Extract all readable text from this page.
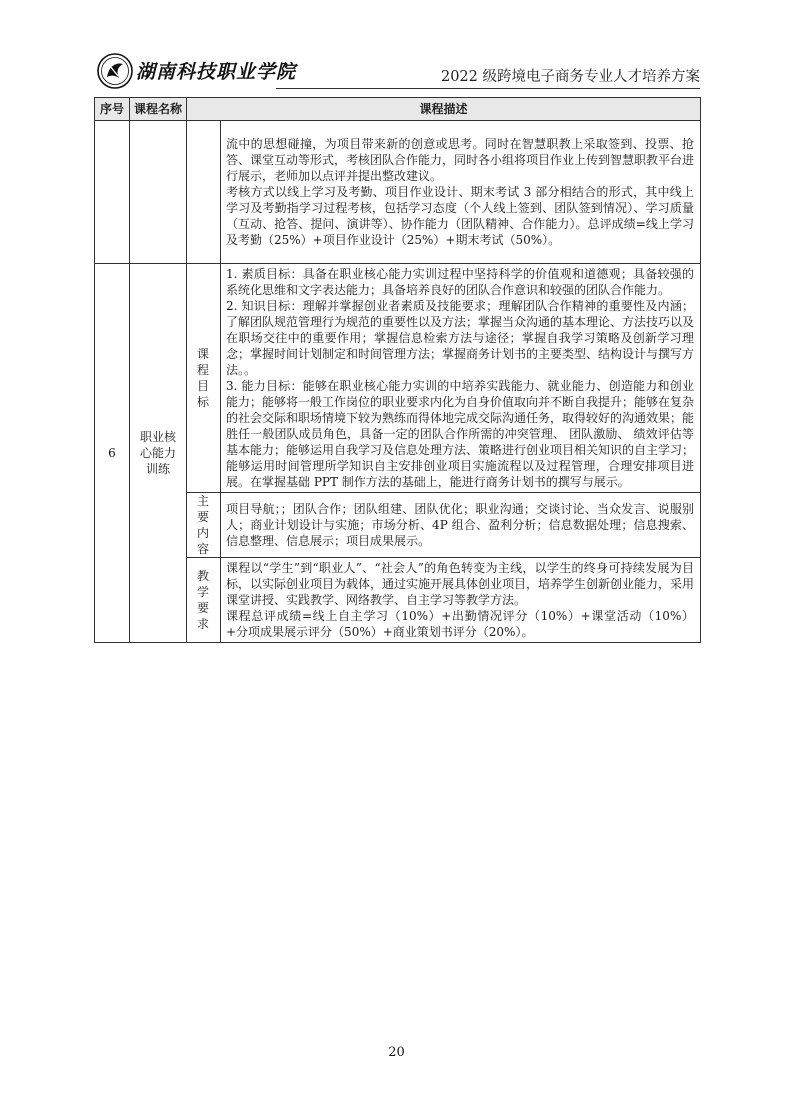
湖南科技职业学院	2022 级跨境电子商务专业人才培养方案
序号	课程名称	课程描述	

			流中的思想碰撞，为项目带来新的创意或思考。同时在智慧职教上采取签到、投票、抢答、课堂互动等形式，考核团队合作能力，同时各小组将项目作业上传到智慧职教平台进行展示，老师加以点评并提出整改建议。

考核方式以线上学习及考勤、项目作业设计、期末考试 3 部分相结合的形式，其中线上学习及考勤指学习过程考核，包括学习态度（个人线上签到、团队签到情况）、学习质量（互动、抢答、提问、演讲等）、协作能力（团队精神、合作能力）。总评成绩=线上学习及考勤（25%）+项目作业设计（25%）+期末考试（50%）。

6	职业核心能力训练	课程目标	1. 素质目标：具备在职业核心能力实训过程中坚持科学的价值观和道德观；具备较强的系统化思维和文字表达能力；具备培养良好的团队合作意识和较强的团队合作能力。

2. 知识目标：理解并掌握创业者素质及技能要求；理解团队合作精神的重要性及内涵；了解团队规范管理行为规范的重要性以及方法；掌握当众沟通的基本理论、方法技巧以及在职场交往中的重要作用；掌握信息检索方法与途径；掌握自我学习策略及创新学习理念；掌握时间计划制定和时间管理方法；掌握商务计划书的主要类型、结构设计与撰写方法。。

3. 能力目标：能够在职业核心能力实训的中培养实践能力、就业能力、创造能力和创业能力；能够将一般工作岗位的职业要求内化为自身价值取向并不断自我提升；能够在复杂的社会交际和职场情境下较为熟练而得体地完成交际沟通任务，取得较好的沟通效果；能胜任一般团队成员角色，具备一定的团队合作所需的冲突管理、 团队激励、 绩效评估等基本能力；能够运用自我学习及信息处理方法、策略进行创业项目相关知识的自主学习；能够运用时间管理所学知识自主安排创业项目实施流程以及过程管理，合理安排项目进展。在掌握基础 PPT 制作方法的基础上，能进行商务计划书的撰写与展示。

		主要内容	项目导航；；团队合作；团队组建、团队优化；职业沟通；交谈讨论、当众发言、说服别人；商业计划设计与实施；市场分析、4P 组合、盈利分析；信息数据处理；信息搜索、信息整理、信息展示；项目成果展示。

		教学要求	课程以“学生”到“职业人”、“社会人”的角色转变为主线，以学生的终身可持续发展为目标，以实际创业项目为载体，通过实施开展具体创业项目，培养学生创新创业能力，采用课堂讲授、实践教学、网络教学、自主学习等教学方法。

课程总评成绩=线上自主学习（10%）+出勤情况评分（10%）+课堂活动（10%）+分项成果展示评分（50%）+商业策划书评分（20%）。

20
